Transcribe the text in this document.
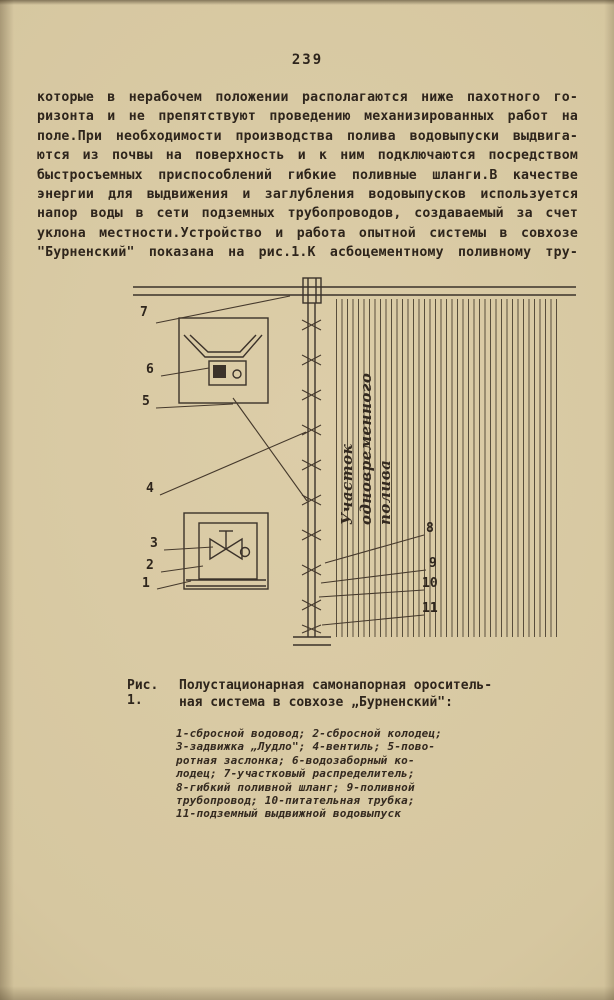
239
которые в нерабочем положении располагаются ниже пахотного го-
ризонта и не препятствуют проведению механизированных работ на
поле.При необходимости производства полива водовыпуски выдвига-
ются из почвы на поверхность и к ним подключаются посредством
быстросъемных приспособлений гибкие поливные шланги.В качестве
энергии для выдвижения и заглубления водовыпусков используется
напор воды в сети подземных трубопроводов, создаваемый за счет
уклона местности.Устройство и работа опытной системы в совхозе
"Бурненский" показана на рис.1.К асбоцементному поливному тру-
7
6
5
4
3
2
1
8
9
10
11
Участок одновременного полива
Рис. 1.
Полустационарная самонапорная ороситель-
ная система в совхозе „Бурненский":
1-сбросной водовод; 2-сбросной колодец;
3-задвижка „Лудло"; 4-вентиль; 5-пово-
ротная заслонка; 6-водозаборный ко-
лодец; 7-участковый распределитель;
8-гибкий поливной шланг; 9-поливной
трубопровод; 10-питательная трубка;
11-подземный выдвижной водовыпуск
